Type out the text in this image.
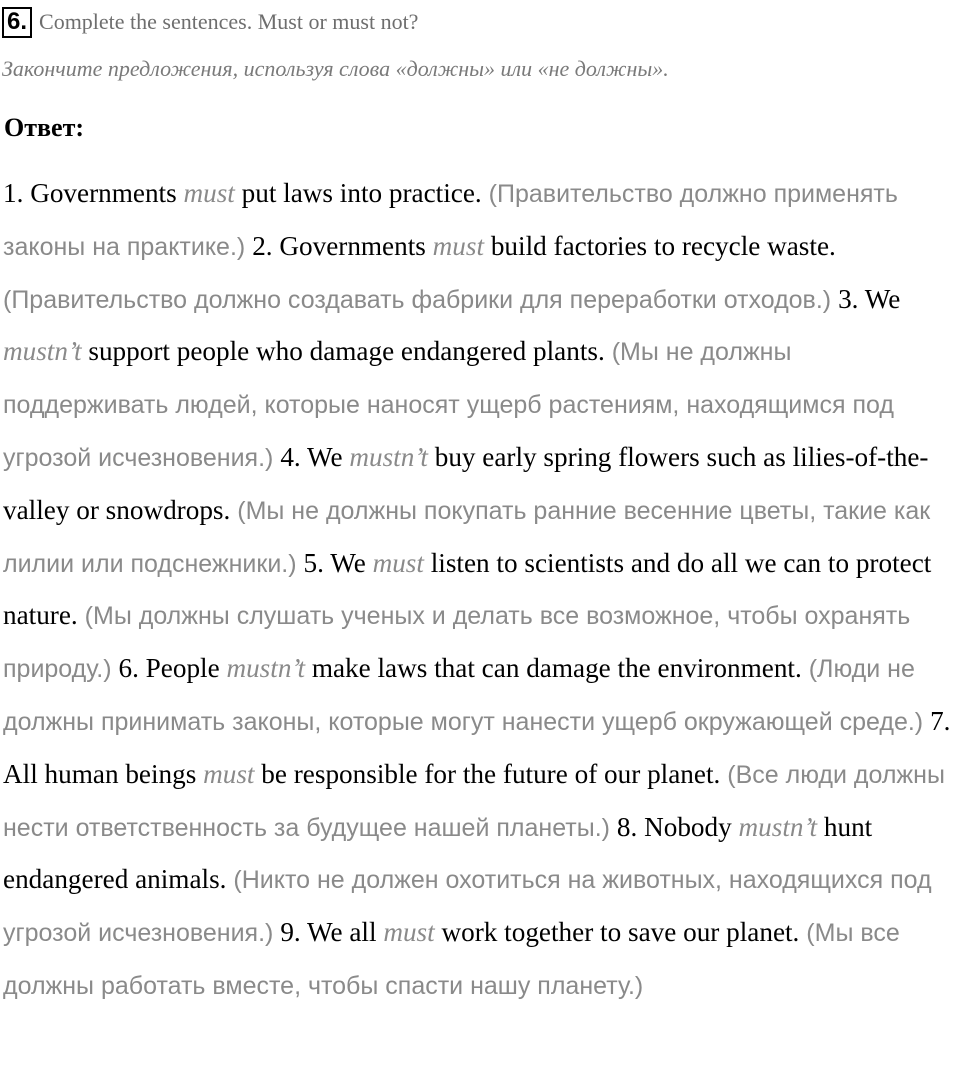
6. Complete the sentences. Must or must not?
Закончите предложения, используя слова «должны» или «не должны».
Ответ:
1. Governments must put laws into practice. (Правительство должно применять законы на практике.) 2. Governments must build factories to recycle waste. (Правительство должно создавать фабрики для переработки отходов.) 3. We mustn’t support people who damage endangered plants. (Мы не должны поддерживать людей, которые наносят ущерб растениям, находящимся под угрозой исчезновения.) 4. We mustn’t buy early spring flowers such as lilies-of-the-valley or snowdrops. (Мы не должны покупать ранние весенние цветы, такие как лилии или подснежники.) 5. We must listen to scientists and do all we can to protect nature. (Мы должны слушать ученых и делать все возможное, чтобы охранять природу.) 6. People mustn’t make laws that can damage the environment. (Люди не должны принимать законы, которые могут нанести ущерб окружающей среде.) 7. All human beings must be responsible for the future of our planet. (Все люди должны нести ответственность за будущее нашей планеты.) 8. Nobody mustn’t hunt endangered animals. (Никто не должен охотиться на животных, находящихся под угрозой исчезновения.) 9. We all must work together to save our planet. (Мы все должны работать вместе, чтобы спасти нашу планету.)
